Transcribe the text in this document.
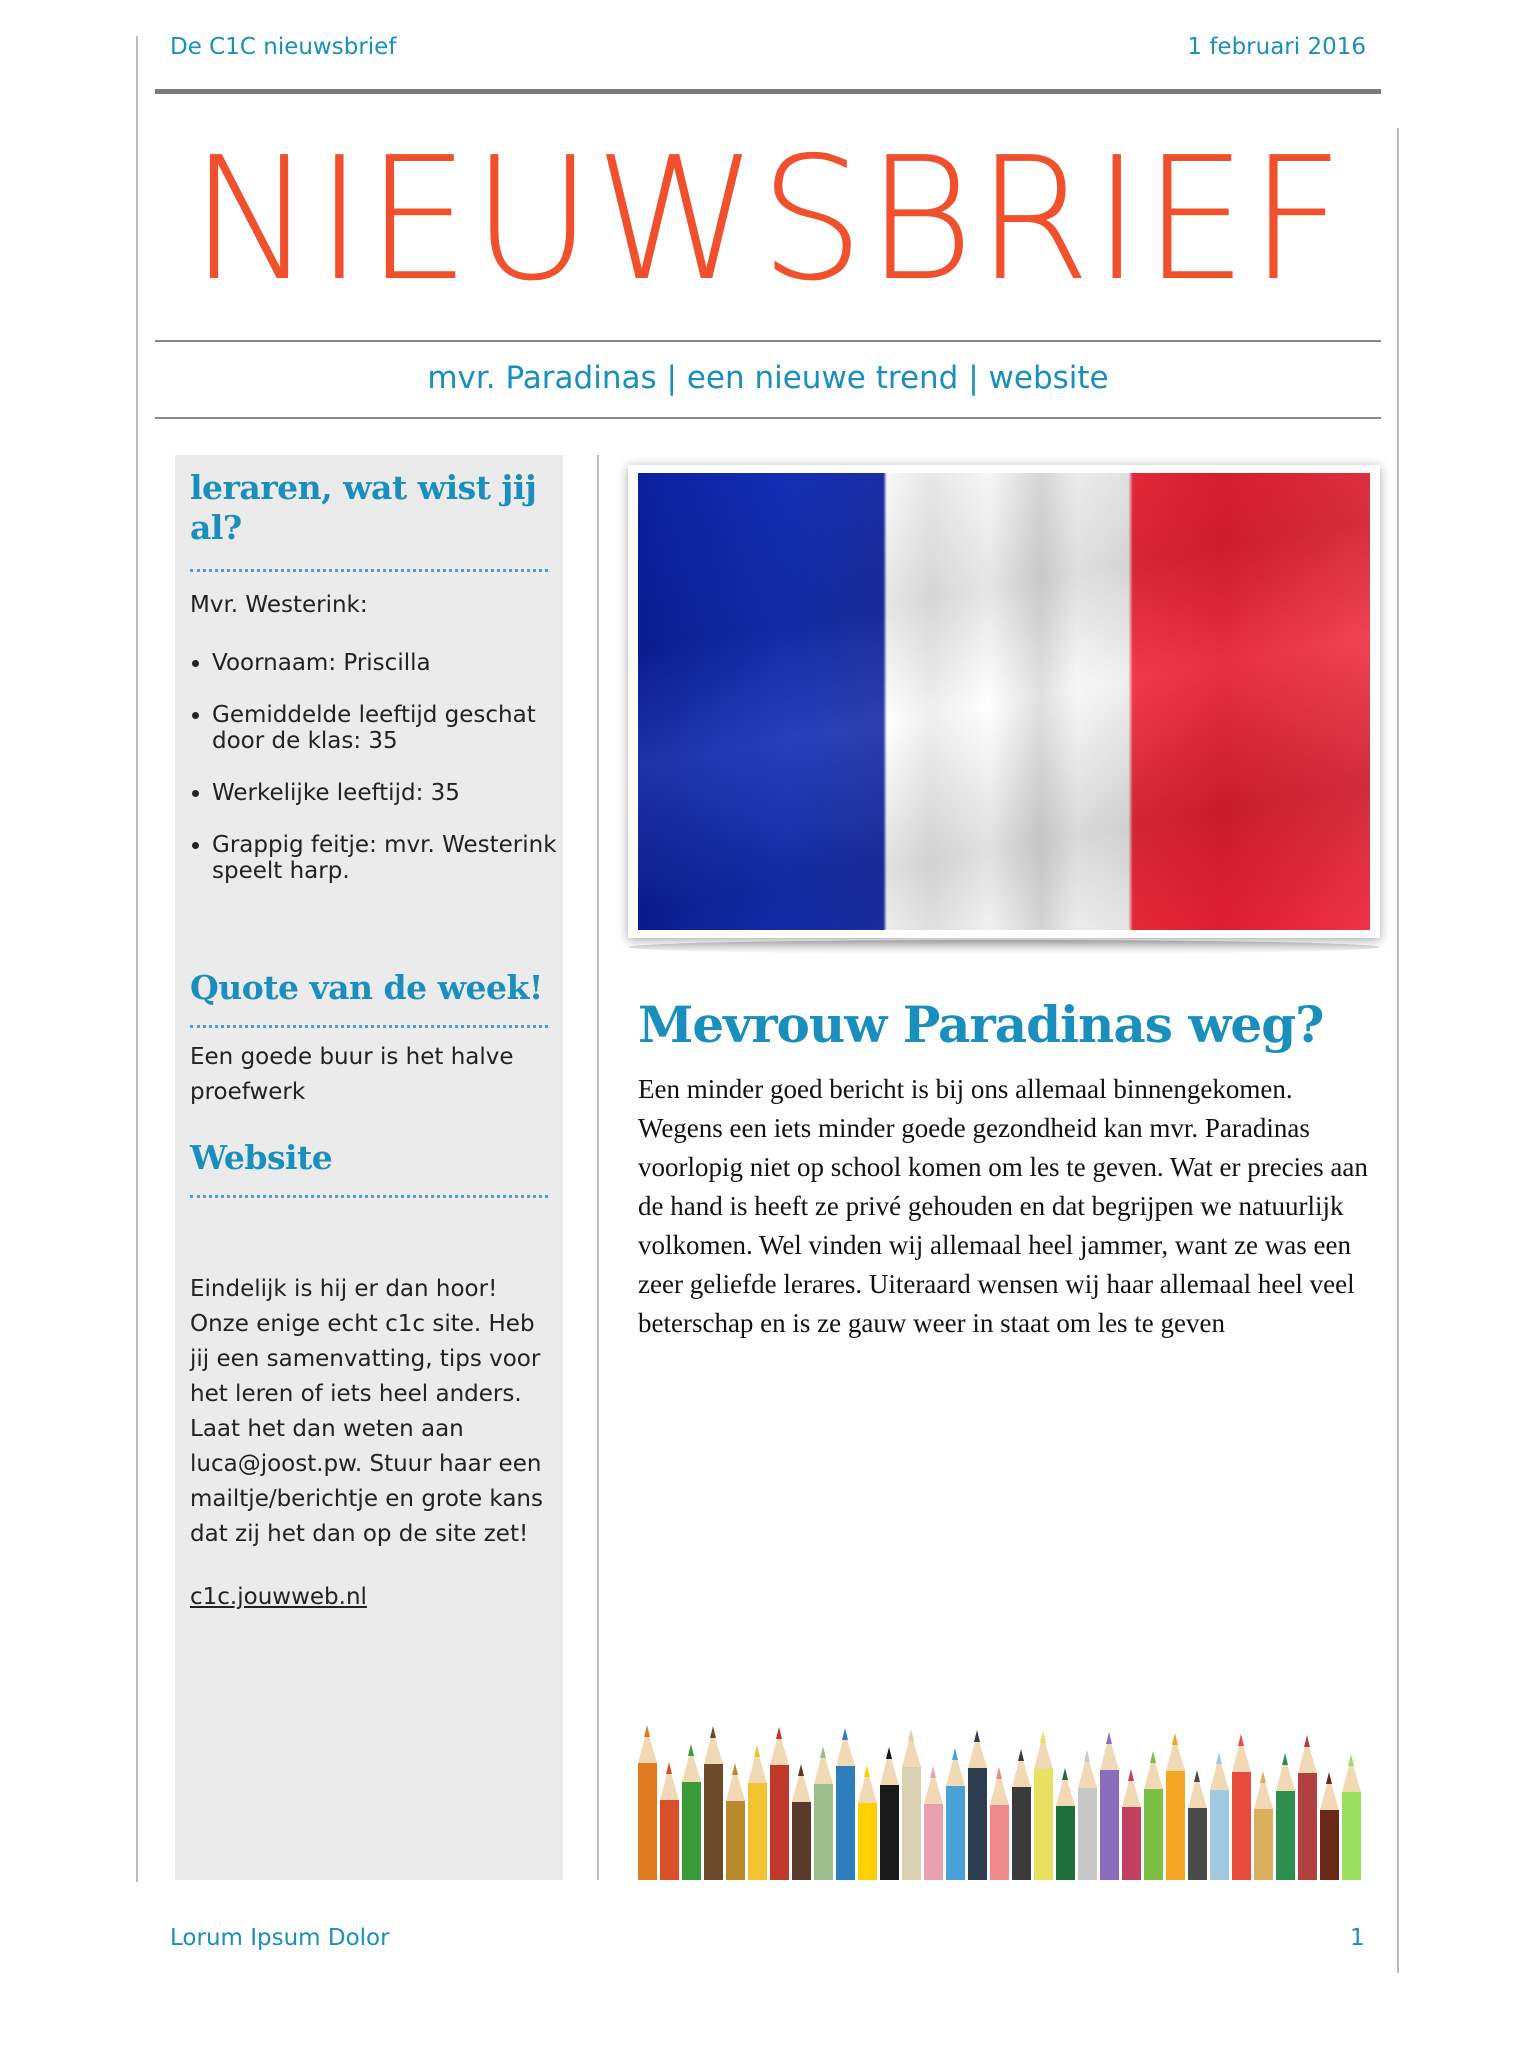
De C1C nieuwsbrief	1 februari 2016
NIEUWSBRIEF
mvr. Paradinas | een nieuwe trend | website
leraren, wat wist jij al?
Mvr. Westerink:
Voornaam: Priscilla
Gemiddelde leeftijd geschat door de klas: 35
Werkelijke leeftijd: 35
Grappig feitje: mvr. Westerink speelt harp.
Quote van de week!
Een goede buur is het halve proefwerk
Website
Eindelijk is hij er dan hoor! Onze enige echt c1c site. Heb jij een samenvatting, tips voor het leren of iets heel anders. Laat het dan weten aan luca@joost.pw. Stuur haar een mailtje/berichtje en grote kans dat zij het dan op de site zet!
c1c.jouwweb.nl
Mevrouw Paradinas weg?
Een minder goed bericht is bij ons allemaal binnengekomen. Wegens een iets minder goede gezondheid kan mvr. Paradinas voorlopig niet op school komen om les te geven. Wat er precies aan de hand is heeft ze privé gehouden en dat begrijpen we natuurlijk volkomen. Wel vinden wij allemaal heel jammer, want ze was een zeer geliefde lerares. Uiteraard wensen wij haar allemaal heel veel beterschap en is ze gauw weer in staat om les te geven
Lorum Ipsum Dolor	1
